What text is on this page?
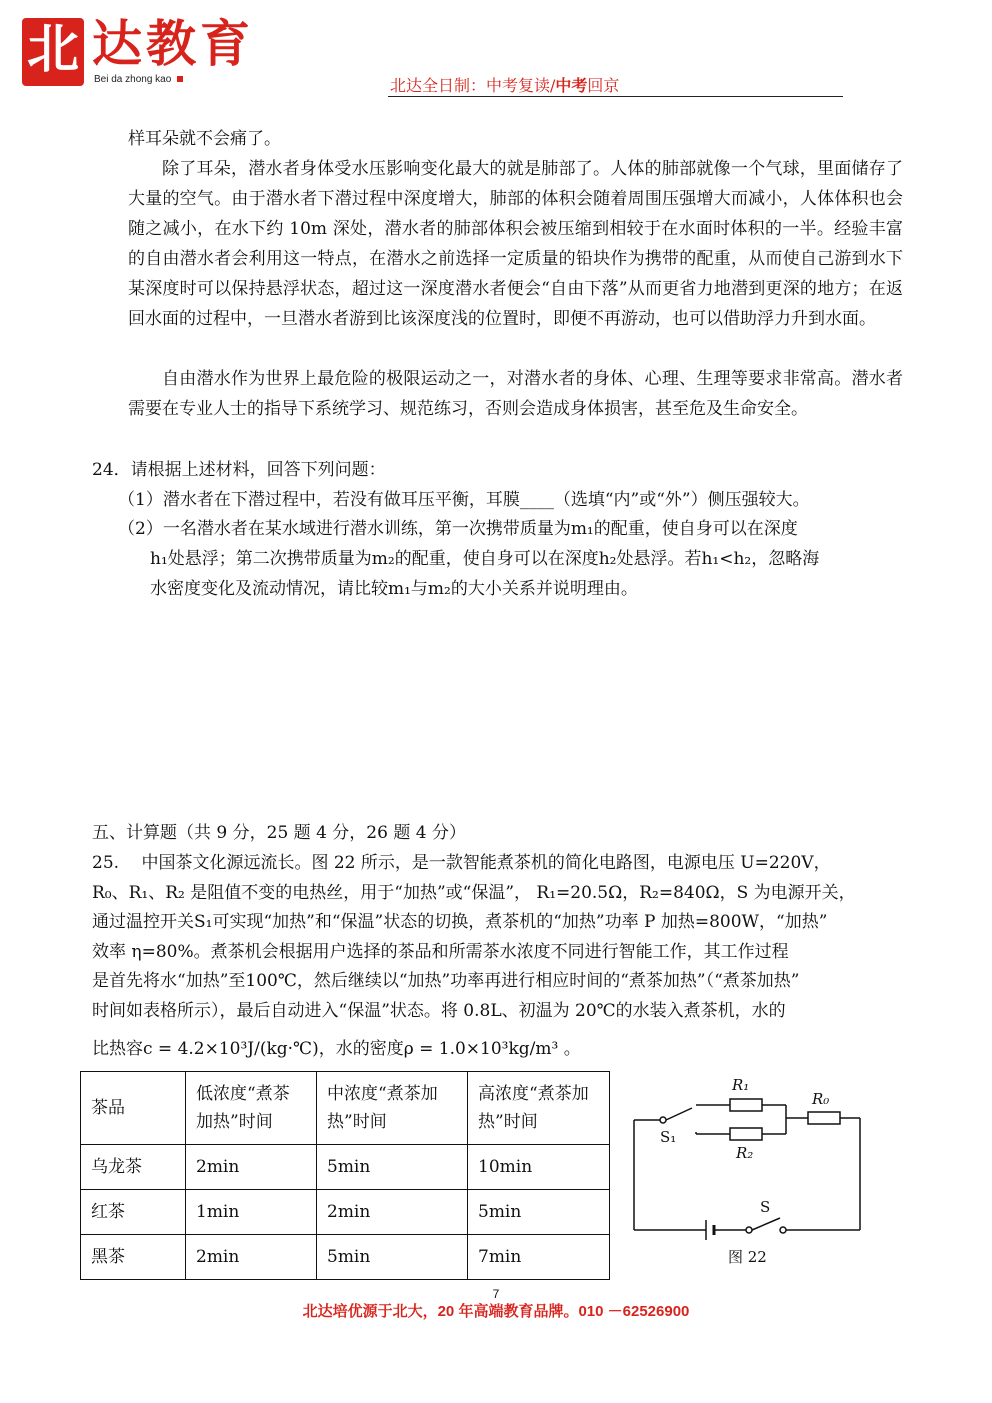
北 达教育
Bei da zhong kao	北达全日制：中考复读/中考回京
样耳朵就不会痛了。
除了耳朵，潜水者身体受水压影响变化最大的就是肺部了。人体的肺部就像一个气球，里面储存了大量的空气。由于潜水者下潜过程中深度增大，肺部的体积会随着周围压强增大而减小，人体体积也会随之减小，在水下约 10m 深处，潜水者的肺部体积会被压缩到相较于在水面时体积的一半。经验丰富的自由潜水者会利用这一特点，在潜水之前选择一定质量的铅块作为携带的配重，从而使自己游到水下某深度时可以保持悬浮状态，超过这一深度潜水者便会“自由下落”从而更省力地潜到更深的地方；在返回水面的过程中，一旦潜水者游到比该深度浅的位置时，即便不再游动，也可以借助浮力升到水面。
自由潜水作为世界上最危险的极限运动之一，对潜水者的身体、心理、生理等要求非常高。潜水者需要在专业人士的指导下系统学习、规范练习，否则会造成身体损害，甚至危及生命安全。
24．请根据上述材料，回答下列问题：
（1）潜水者在下潜过程中，若没有做耳压平衡，耳膜____（选填“内”或“外”）侧压强较大。
（2）一名潜水者在某水域进行潜水训练，第一次携带质量为m₁的配重，使自身可以在深度
h₁处悬浮；第二次携带质量为m₂的配重，使自身可以在深度h₂处悬浮。若h₁<h₂，忽略海
水密度变化及流动情况，请比较m₁与m₂的大小关系并说明理由。
五、计算题（共 9 分，25 题 4 分，26 题 4 分）
25.　 中国茶文化源远流长。图 22 所示，是一款智能煮茶机的简化电路图，电源电压 U=220V，
R₀、R₁、R₂ 是阻值不变的电热丝，用于“加热”或“保温”， R₁=20.5Ω，R₂=840Ω，S 为电源开关，
通过温控开关S₁可实现“加热”和“保温”状态的切换，煮茶机的“加热”功率 P 加热=800W，“加热”
效率 η=80%。煮茶机会根据用户选择的茶品和所需茶水浓度不同进行智能工作，其工作过程
是首先将水“加热”至100℃，然后继续以“加热”功率再进行相应时间的“煮茶加热”（“煮茶加热”
时间如表格所示），最后自动进入“保温”状态。将 0.8L、初温为 20℃的水装入煮茶机，水的
比热容c = 4.2×10³J/(kg·℃)，水的密度ρ = 1.0×10³kg/m³ 。
茶品	低浓度“煮茶加热”时间	中浓度“煮茶加热”时间	高浓度“煮茶加热”时间
乌龙茶	2min	5min	10min
红茶	1min	2min	5min
黑茶	2min	5min	7min
R₁
R₂
R₀
S₁
S
图 22
7
北达培优源于北大，20 年高端教育品牌。010 －62526900
